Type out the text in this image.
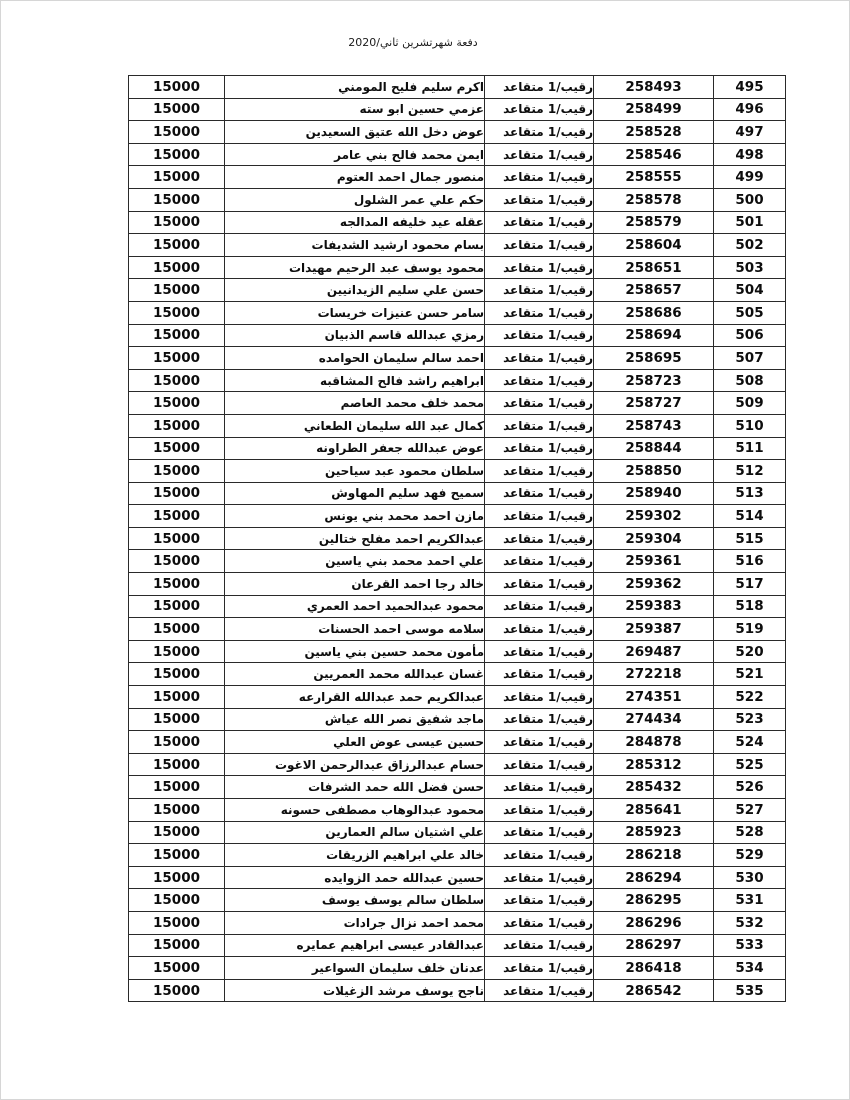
دفعة شهرتشرين ثاني/2020
15000	اكرم سليم فليح المومني	رقيب/1 متقاعد	258493	495
15000	عزمي حسين ابو سته	رقيب/1 متقاعد	258499	496
15000	عوض دخل الله عتيق السعيدين	رقيب/1 متقاعد	258528	497
15000	ايمن محمد فالح بني عامر	رقيب/1 متقاعد	258546	498
15000	منصور جمال احمد العتوم	رقيب/1 متقاعد	258555	499
15000	حكم علي عمر الشلول	رقيب/1 متقاعد	258578	500
15000	عقله عيد خليفه المدالجه	رقيب/1 متقاعد	258579	501
15000	بسام محمود ارشيد الشديفات	رقيب/1 متقاعد	258604	502
15000	محمود يوسف عبد الرحيم مهيدات	رقيب/1 متقاعد	258651	503
15000	حسن علي سليم الزيدانيين	رقيب/1 متقاعد	258657	504
15000	سامر حسن عنيزات خريسات	رقيب/1 متقاعد	258686	505
15000	رمزي عبدالله قاسم الذبيان	رقيب/1 متقاعد	258694	506
15000	احمد سالم سليمان الحوامده	رقيب/1 متقاعد	258695	507
15000	ابراهيم راشد فالح المشاقبه	رقيب/1 متقاعد	258723	508
15000	محمد خلف محمد العاصم	رقيب/1 متقاعد	258727	509
15000	كمال عبد الله سليمان الطعاني	رقيب/1 متقاعد	258743	510
15000	عوض عبدالله جعفر الطراونه	رقيب/1 متقاعد	258844	511
15000	سلطان محمود عبد سياحين	رقيب/1 متقاعد	258850	512
15000	سميح فهد سليم المهاوش	رقيب/1 متقاعد	258940	513
15000	مازن احمد محمد بني يونس	رقيب/1 متقاعد	259302	514
15000	عبدالكريم احمد مفلح ختالين	رقيب/1 متقاعد	259304	515
15000	علي احمد محمد بني ياسين	رقيب/1 متقاعد	259361	516
15000	خالد رجا احمد القرعان	رقيب/1 متقاعد	259362	517
15000	محمود عبدالحميد احمد العمري	رقيب/1 متقاعد	259383	518
15000	سلامه موسى احمد الحسنات	رقيب/1 متقاعد	259387	519
15000	مأمون محمد حسين بني ياسين	رقيب/1 متقاعد	269487	520
15000	غسان عبدالله محمد العمريين	رقيب/1 متقاعد	272218	521
15000	عبدالكريم حمد عبدالله القرارعه	رقيب/1 متقاعد	274351	522
15000	ماجد شفيق نصر الله عياش	رقيب/1 متقاعد	274434	523
15000	حسين عيسى عوض العلي	رقيب/1 متقاعد	284878	524
15000	حسام عبدالرزاق عبدالرحمن الاغوت	رقيب/1 متقاعد	285312	525
15000	حسن فضل الله حمد الشرفات	رقيب/1 متقاعد	285432	526
15000	محمود عبدالوهاب مصطفى حسونه	رقيب/1 متقاعد	285641	527
15000	علي اشتيان سالم العمارين	رقيب/1 متقاعد	285923	528
15000	خالد علي ابراهيم الزريقات	رقيب/1 متقاعد	286218	529
15000	حسين عبدالله حمد الزوايده	رقيب/1 متقاعد	286294	530
15000	سلطان سالم يوسف يوسف	رقيب/1 متقاعد	286295	531
15000	محمد احمد نزال جرادات	رقيب/1 متقاعد	286296	532
15000	عبدالقادر عيسى ابراهيم عمايره	رقيب/1 متقاعد	286297	533
15000	عدنان خلف سليمان السواعير	رقيب/1 متقاعد	286418	534
15000	ناجح يوسف مرشد الزغيلات	رقيب/1 متقاعد	286542	535
